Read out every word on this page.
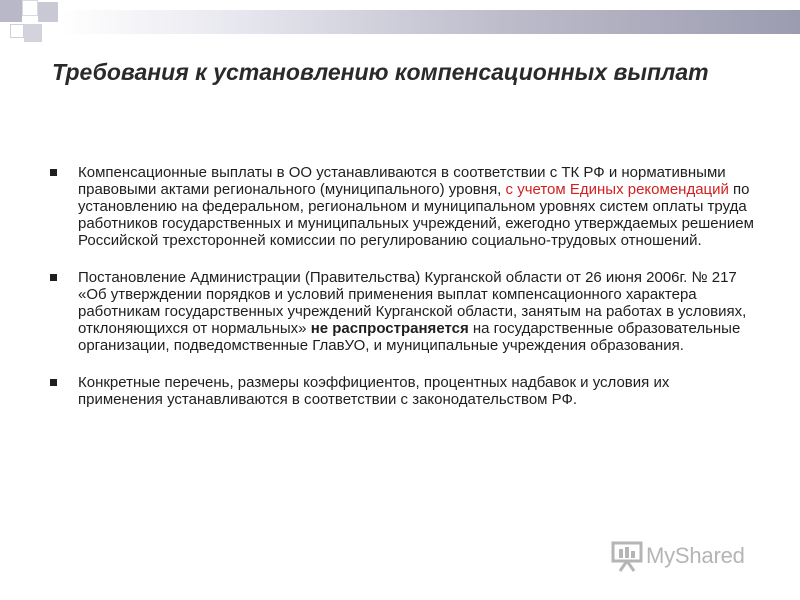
Требования к установлению компенсационных выплат
Компенсационные выплаты в ОО устанавливаются в соответствии с ТК РФ и нормативными правовыми актами регионального (муниципального) уровня, с учетом Единых рекомендаций по установлению на федеральном, региональном и муниципальном уровнях систем оплаты труда работников государственных и муниципальных учреждений, ежегодно утверждаемых решением Российской трехсторонней комиссии по регулированию социально-трудовых отношений.
Постановление Администрации (Правительства) Курганской области от 26 июня 2006г. № 217 «Об утверждении порядков и условий применения выплат компенсационного характера работникам государственных учреждений Курганской области, занятым на работах в условиях, отклоняющихся от нормальных» не распространяется на государственные образовательные организации, подведомственные ГлавУО, и муниципальные учреждения образования.
Конкретные перечень, размеры коэффициентов, процентных надбавок и условия их применения устанавливаются в соответствии с законодательством РФ.
MyShared
